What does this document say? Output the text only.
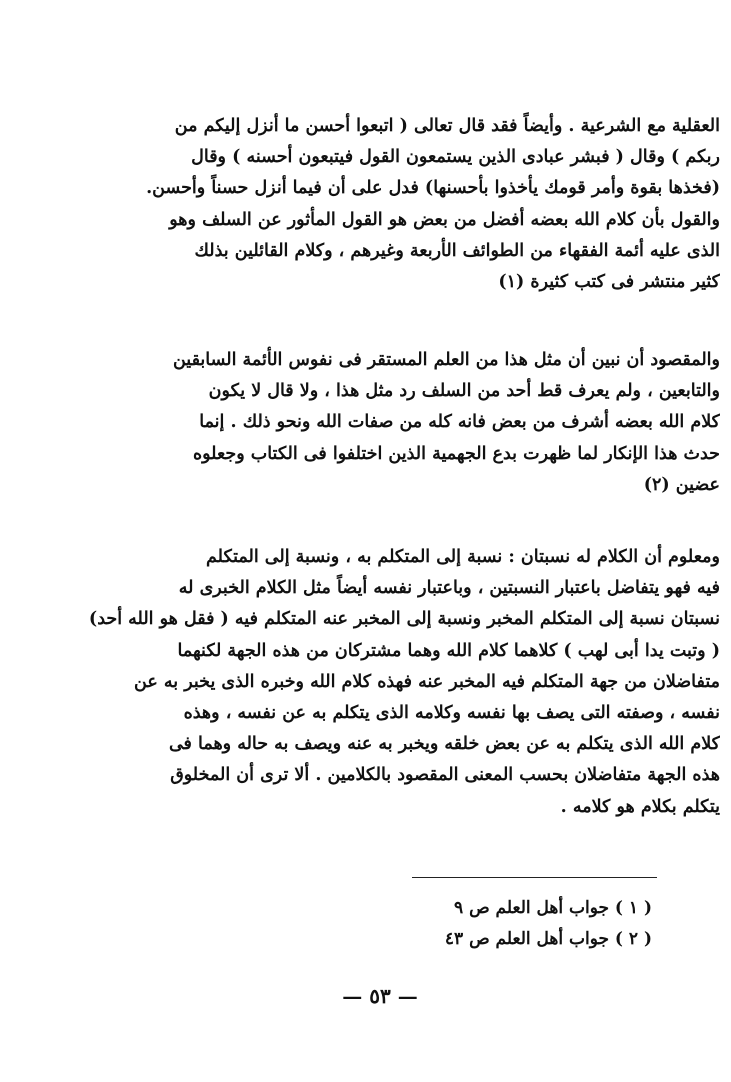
العقلية مع الشرعية . وأيضاً فقد قال تعالى ( اتبعوا أحسن ما أنزل إليكم من
ربكم ) وقال ( فبشر عبادى الذين يستمعون القول فيتبعون أحسنه ) وقال
(فخذها بقوة وأمر قومك يأخذوا بأحسنها) فدل على أن فيما أنزل حسناً وأحسن.
والقول بأن كلام الله بعضه أفضل من بعض هو القول المأثور عن السلف وهو
الذى عليه أئمة الفقهاء من الطوائف الأربعة وغيرهم ، وكلام القائلين بذلك
كثير منتشر فى كتب كثيرة (١)
والمقصود أن نبين أن مثل هذا من العلم المستقر فى نفوس الأئمة السابقين
والتابعين ، ولم يعرف قط أحد من السلف رد مثل هذا ، ولا قال لا يكون
كلام الله بعضه أشرف من بعض فانه كله من صفات الله ونحو ذلك . إنما
حدث هذا الإنكار لما ظهرت بدع الجهمية الذين اختلفوا فى الكتاب وجعلوه
عضين (٢)
ومعلوم أن الكلام له نسبتان : نسبة إلى المتكلم به ، ونسبة إلى المتكلم
فيه فهو يتفاضل باعتبار النسبتين ، وباعتبار نفسه أيضاً مثل الكلام الخبرى له
نسبتان نسبة إلى المتكلم المخبر ونسبة إلى المخبر عنه المتكلم فيه ( فقل هو الله أحد)
( وتبت يدا أبى لهب ) كلاهما كلام الله وهما مشتركان من هذه الجهة لكنهما
متفاضلان من جهة المتكلم فيه المخبر عنه فهذه كلام الله وخبره الذى يخبر به عن
نفسه ، وصفته التى يصف بها نفسه وكلامه الذى يتكلم به عن نفسه ، وهذه
كلام الله الذى يتكلم به عن بعض خلقه ويخبر به عنه ويصف به حاله وهما فى
هذه الجهة متفاضلان بحسب المعنى المقصود بالكلامين . ألا ترى أن المخلوق
يتكلم بكلام هو كلامه .
( ١ ) جواب أهل العلم ص ٩
( ٢ ) جواب أهل العلم ص ٤٣
— ٥٣ —
